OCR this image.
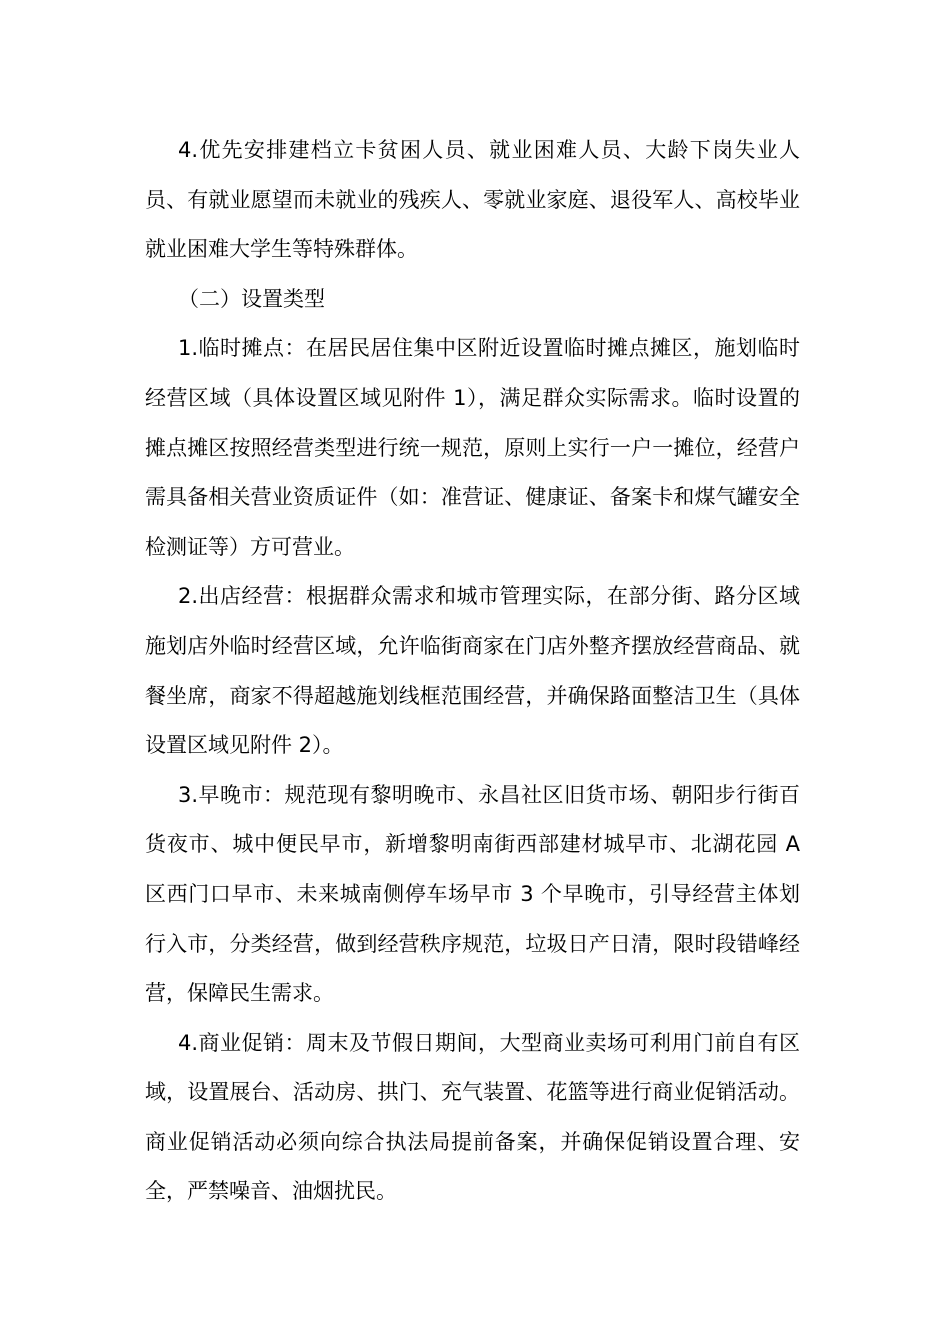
4.优先安排建档立卡贫困人员、就业困难人员、大龄下岗失业人员、有就业愿望而未就业的残疾人、零就业家庭、退役军人、高校毕业就业困难大学生等特殊群体。

（二）设置类型

1.临时摊点：在居民居住集中区附近设置临时摊点摊区，施划临时经营区域（具体设置区域见附件 1），满足群众实际需求。临时设置的摊点摊区按照经营类型进行统一规范，原则上实行一户一摊位，经营户需具备相关营业资质证件（如：准营证、健康证、备案卡和煤气罐安全检测证等）方可营业。

2.出店经营：根据群众需求和城市管理实际，在部分街、路分区域施划店外临时经营区域，允许临街商家在门店外整齐摆放经营商品、就餐坐席，商家不得超越施划线框范围经营，并确保路面整洁卫生（具体设置区域见附件 2）。

3.早晚市：规范现有黎明晚市、永昌社区旧货市场、朝阳步行街百货夜市、城中便民早市，新增黎明南街西部建材城早市、北湖花园 A 区西门口早市、未来城南侧停车场早市 3 个早晚市，引导经营主体划行入市，分类经营，做到经营秩序规范，垃圾日产日清，限时段错峰经营，保障民生需求。

4.商业促销：周末及节假日期间，大型商业卖场可利用门前自有区域，设置展台、活动房、拱门、充气装置、花篮等进行商业促销活动。商业促销活动必须向综合执法局提前备案，并确保促销设置合理、安全，严禁噪音、油烟扰民。
